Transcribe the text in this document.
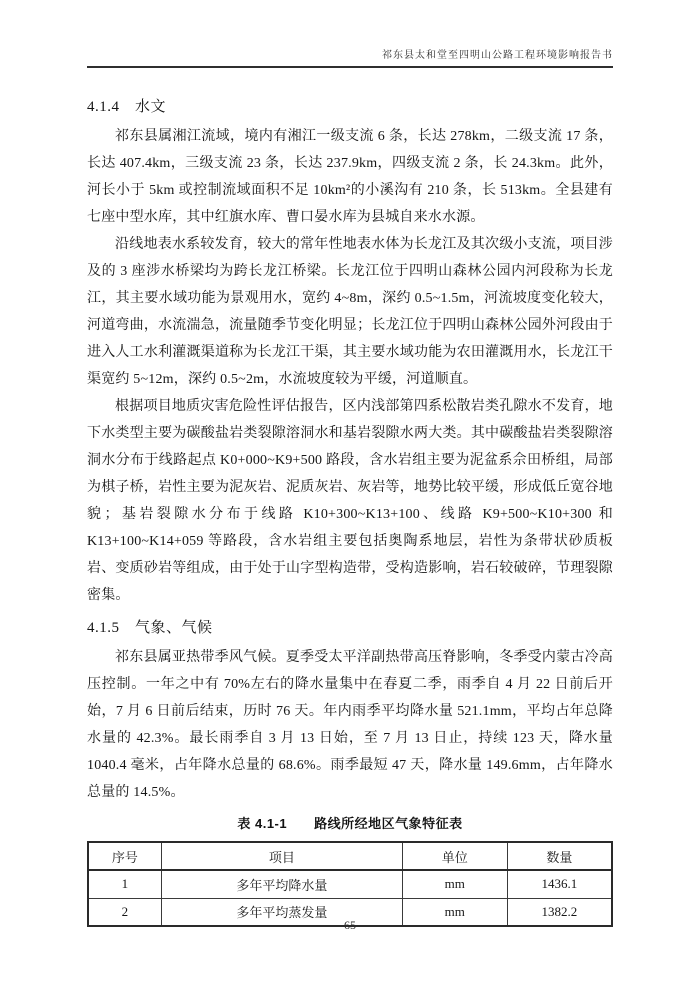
祁东县太和堂至四明山公路工程环境影响报告书
4.1.4　水文

祁东县属湘江流域，境内有湘江一级支流 6 条，长达 278km，二级支流 17 条，长达 407.4km，三级支流 23 条，长达 237.9km，四级支流 2 条，长 24.3km。此外，河长小于 5km 或控制流域面积不足 10km²的小溪沟有 210 条，长 513km。全县建有七座中型水库，其中红旗水库、曹口晏水库为县城自来水水源。

沿线地表水系较发育，较大的常年性地表水体为长龙江及其次级小支流，项目涉及的 3 座涉水桥梁均为跨长龙江桥梁。长龙江位于四明山森林公园内河段称为长龙江，其主要水域功能为景观用水，宽约 4~8m，深约 0.5~1.5m，河流坡度变化较大，河道弯曲，水流湍急，流量随季节变化明显；长龙江位于四明山森林公园外河段由于进入人工水利灌溉渠道称为长龙江干渠，其主要水域功能为农田灌溉用水，长龙江干渠宽约 5~12m，深约 0.5~2m，水流坡度较为平缓，河道顺直。

根据项目地质灾害危险性评估报告，区内浅部第四系松散岩类孔隙水不发育，地下水类型主要为碳酸盐岩类裂隙溶洞水和基岩裂隙水两大类。其中碳酸盐岩类裂隙溶洞水分布于线路起点 K0+000~K9+500 路段，含水岩组主要为泥盆系佘田桥组，局部为棋子桥，岩性主要为泥灰岩、泥质灰岩、灰岩等，地势比较平缓，形成低丘宽谷地貌；基岩裂隙水分布于线路 K10+300~K13+100、线路 K9+500~K10+300 和 K13+100~K14+059 等路段，含水岩组主要包括奥陶系地层，岩性为条带状砂质板岩、变质砂岩等组成，由于处于山字型构造带，受构造影响，岩石较破碎，节理裂隙密集。

4.1.5　气象、气候

祁东县属亚热带季风气候。夏季受太平洋副热带高压脊影响，冬季受内蒙古冷高压控制。一年之中有 70%左右的降水量集中在春夏二季，雨季自 4 月 22 日前后开始，7 月 6 日前后结束，历时 76 天。年内雨季平均降水量 521.1mm，平均占年总降水量的 42.3%。最长雨季自 3 月 13 日始，至 7 月 13 日止，持续 123 天，降水量 1040.4 毫米，占年降水总量的 68.6%。雨季最短 47 天，降水量 149.6mm，占年降水总量的 14.5%。

表 4.1-1　　路线所经地区气象特征表
序号	项目	单位	数量
1	多年平均降水量	mm	1436.1
2	多年平均蒸发量	mm	1382.2
65
